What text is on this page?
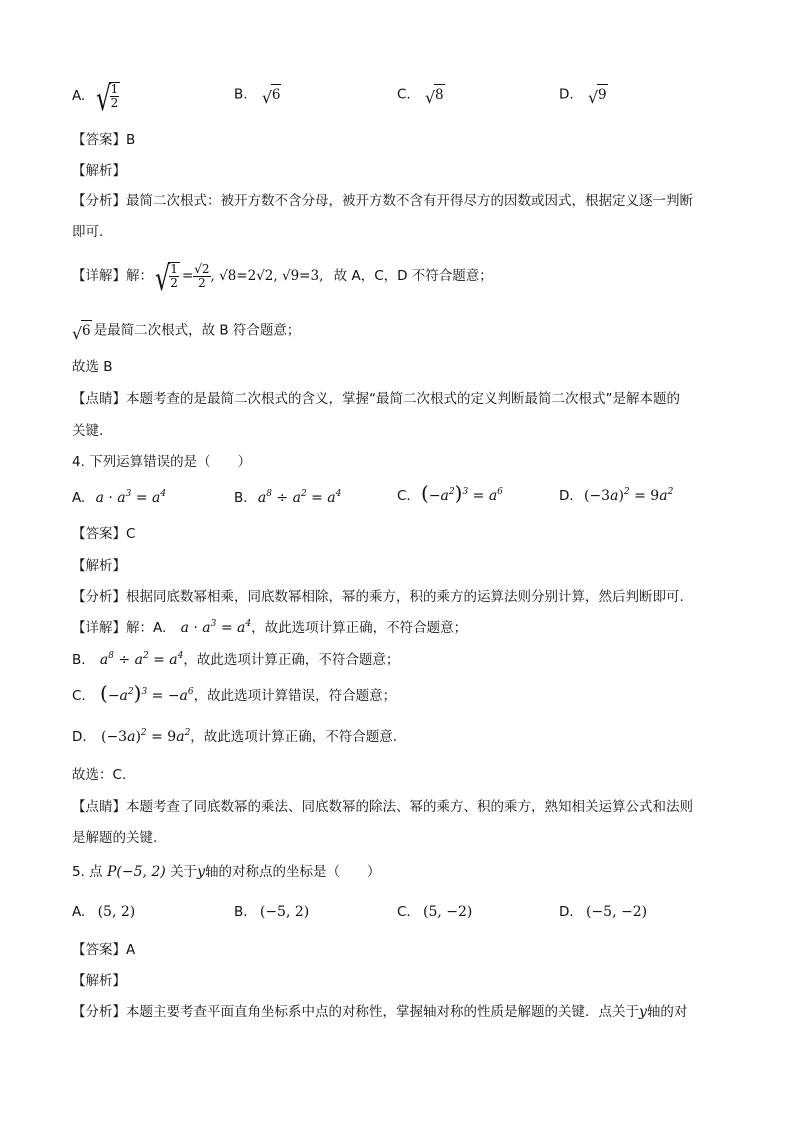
A. √
$\frac{1}{2}$	B. √ 6	C. √ 8	D. √ 9
【答案】B
【解析】
【分析】最简二次根式：被开方数不含分母，被开方数不含有开得尽方的因数或因式，根据定义逐一判断
即可.
【详解】解： √
$\frac{1}{2} = \frac{√2}{2}$ , √8=2√2, √9=3, 故 A，C，D 不符合题意；
√ 6 是最简二次根式，故 B 符合题意；
故选 B
【点睛】本题考查的是最简二次根式的含义，掌握“最简二次根式的定义判断最简二次根式”是解本题的
关键.
4. 下列运算错误的是（　　）
A. $a \cdot a^3 = a^4$	B. $a^8 \div a^2 = a^4$	C. $(-a^2)^3 = a^6$	D. $(-3a)^2 = 9a^2$
【答案】C
【解析】
【分析】根据同底数幂相乘，同底数幂相除，幂的乘方，积的乘方的运算法则分别计算，然后判断即可.
【详解】解：A. $a \cdot a^3 = a^4$，故此选项计算正确，不符合题意；
B. $a^8 \div a^2 = a^4$，故此选项计算正确，不符合题意；
C. $(-a^2)^3 = -a^6$，故此选项计算错误，符合题意；
D. $(-3a)^2 = 9a^2$，故此选项计算正确，不符合题意.
故选：C.
【点睛】本题考查了同底数幂的乘法、同底数幂的除法、幂的乘方、积的乘方，熟知相关运算公式和法则
是解题的关键.
5. 点 P(−5, 2) 关于y轴的对称点的坐标是（　　）
A. (5, 2)	B. (−5, 2)	C. (5, −2)	D. (−5, −2)
【答案】A
【解析】
【分析】本题主要考查平面直角坐标系中点的对称性，掌握轴对称的性质是解题的关键．点关于y轴的对
